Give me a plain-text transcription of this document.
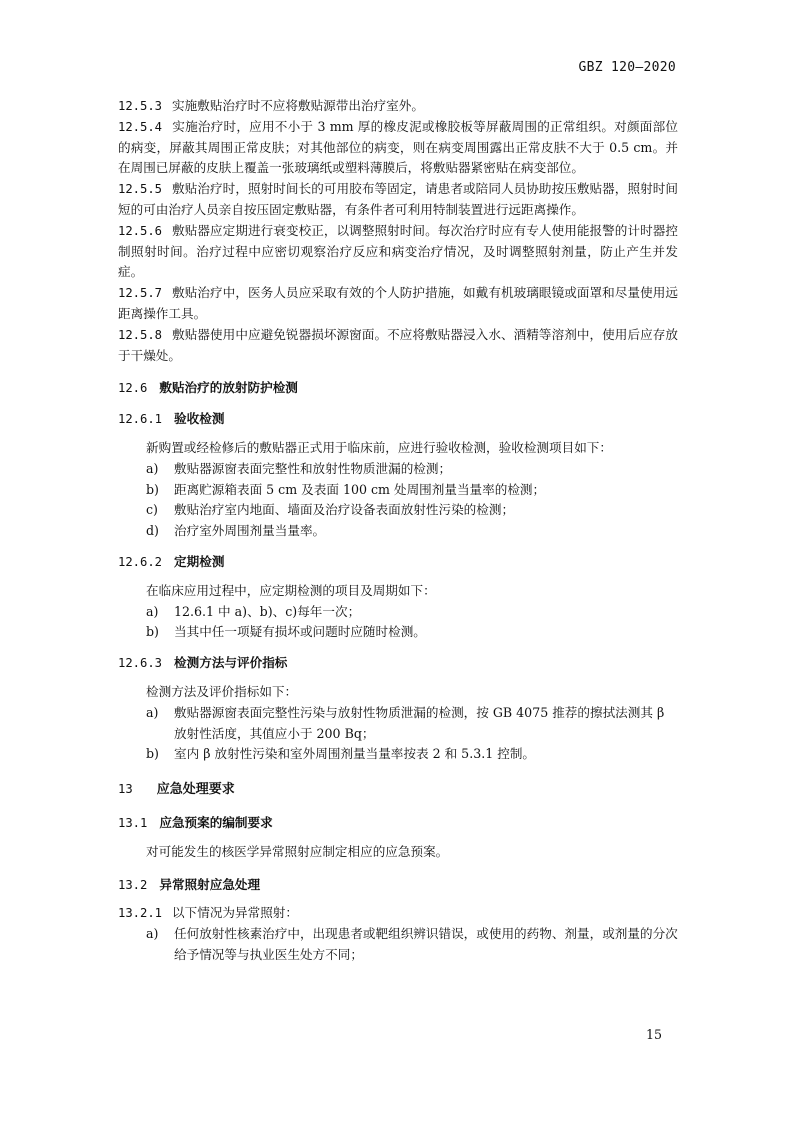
GBZ 120—2020

12.5.3 实施敷贴治疗时不应将敷贴源带出治疗室外。

12.5.4 实施治疗时，应用不小于 3 mm 厚的橡皮泥或橡胶板等屏蔽周围的正常组织。对颜面部位的病变，屏蔽其周围正常皮肤；对其他部位的病变，则在病变周围露出正常皮肤不大于 0.5 cm。并在周围已屏蔽的皮肤上覆盖一张玻璃纸或塑料薄膜后，将敷贴器紧密贴在病变部位。

12.5.5 敷贴治疗时，照射时间长的可用胶布等固定，请患者或陪同人员协助按压敷贴器，照射时间短的可由治疗人员亲自按压固定敷贴器，有条件者可利用特制装置进行远距离操作。

12.5.6 敷贴器应定期进行衰变校正，以调整照射时间。每次治疗时应有专人使用能报警的计时器控制照射时间。治疗过程中应密切观察治疗反应和病变治疗情况，及时调整照射剂量，防止产生并发症。

12.5.7 敷贴治疗中，医务人员应采取有效的个人防护措施，如戴有机玻璃眼镜或面罩和尽量使用远距离操作工具。

12.5.8 敷贴器使用中应避免锐器损坏源窗面。不应将敷贴器浸入水、酒精等溶剂中，使用后应存放于干燥处。

12.6 敷贴治疗的放射防护检测
12.6.1 验收检测

新购置或经检修后的敷贴器正式用于临床前，应进行验收检测，验收检测项目如下：

a) 敷贴器源窗表面完整性和放射性物质泄漏的检测；

b) 距离贮源箱表面 5 cm 及表面 100 cm 处周围剂量当量率的检测；

c) 敷贴治疗室内地面、墙面及治疗设备表面放射性污染的检测；

d) 治疗室外周围剂量当量率。

12.6.2 定期检测

在临床应用过程中，应定期检测的项目及周期如下：

a) 12.6.1 中 a)、b)、c)每年一次；

b) 当其中任一项疑有损坏或问题时应随时检测。

12.6.3 检测方法与评价指标

检测方法及评价指标如下：

a) 敷贴器源窗表面完整性污染与放射性物质泄漏的检测，按 GB 4075 推荐的擦拭法测其 β 放射性活度，其值应小于 200 Bq；

b) 室内 β 放射性污染和室外周围剂量当量率按表 2 和 5.3.1 控制。

13 应急处理要求
13.1 应急预案的编制要求

对可能发生的核医学异常照射应制定相应的应急预案。

13.2 异常照射应急处理

13.2.1 以下情况为异常照射：

a) 任何放射性核素治疗中，出现患者或靶组织辨识错误，或使用的药物、剂量，或剂量的分次给予情况等与执业医生处方不同；

15
